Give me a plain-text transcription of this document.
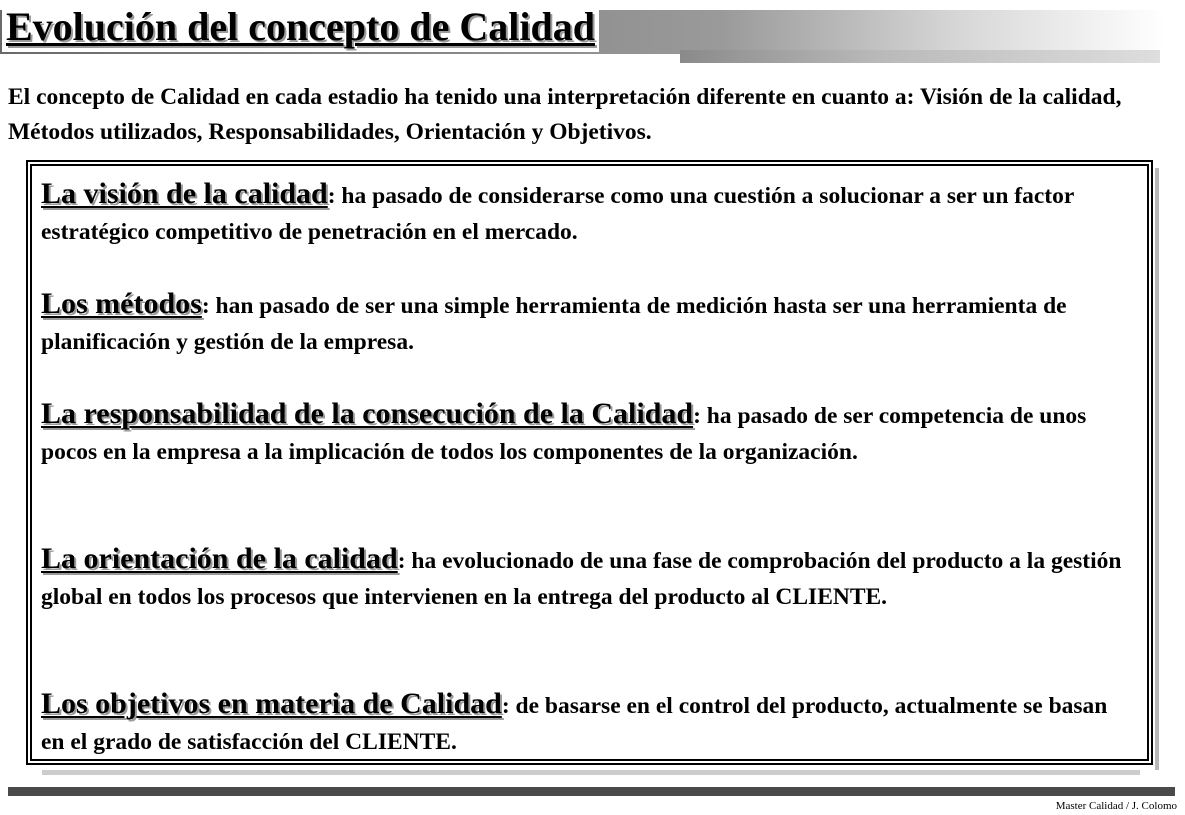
Evolución del concepto de Calidad

El concepto de Calidad en cada estadio ha tenido una interpretación diferente en cuanto a: Visión de la calidad, Métodos utilizados, Responsabilidades, Orientación y Objetivos.

La visión de la calidad: ha pasado de considerarse como una cuestión a solucionar a ser un factor estratégico competitivo de penetración en el mercado.

Los métodos: han pasado de ser una simple herramienta de medición hasta ser una herramienta de planificación y gestión de la empresa.

La responsabilidad de la consecución de la Calidad: ha pasado de ser competencia de unos pocos en la empresa a la implicación de todos los componentes de la organización.

La orientación de la calidad: ha evolucionado de una fase de comprobación del producto a la gestión global en todos los procesos que intervienen en la entrega del producto al CLIENTE.

Los objetivos en materia de Calidad: de basarse en el control del producto, actualmente se basan en el grado de satisfacción del CLIENTE.

Master Calidad / J. Colomo
